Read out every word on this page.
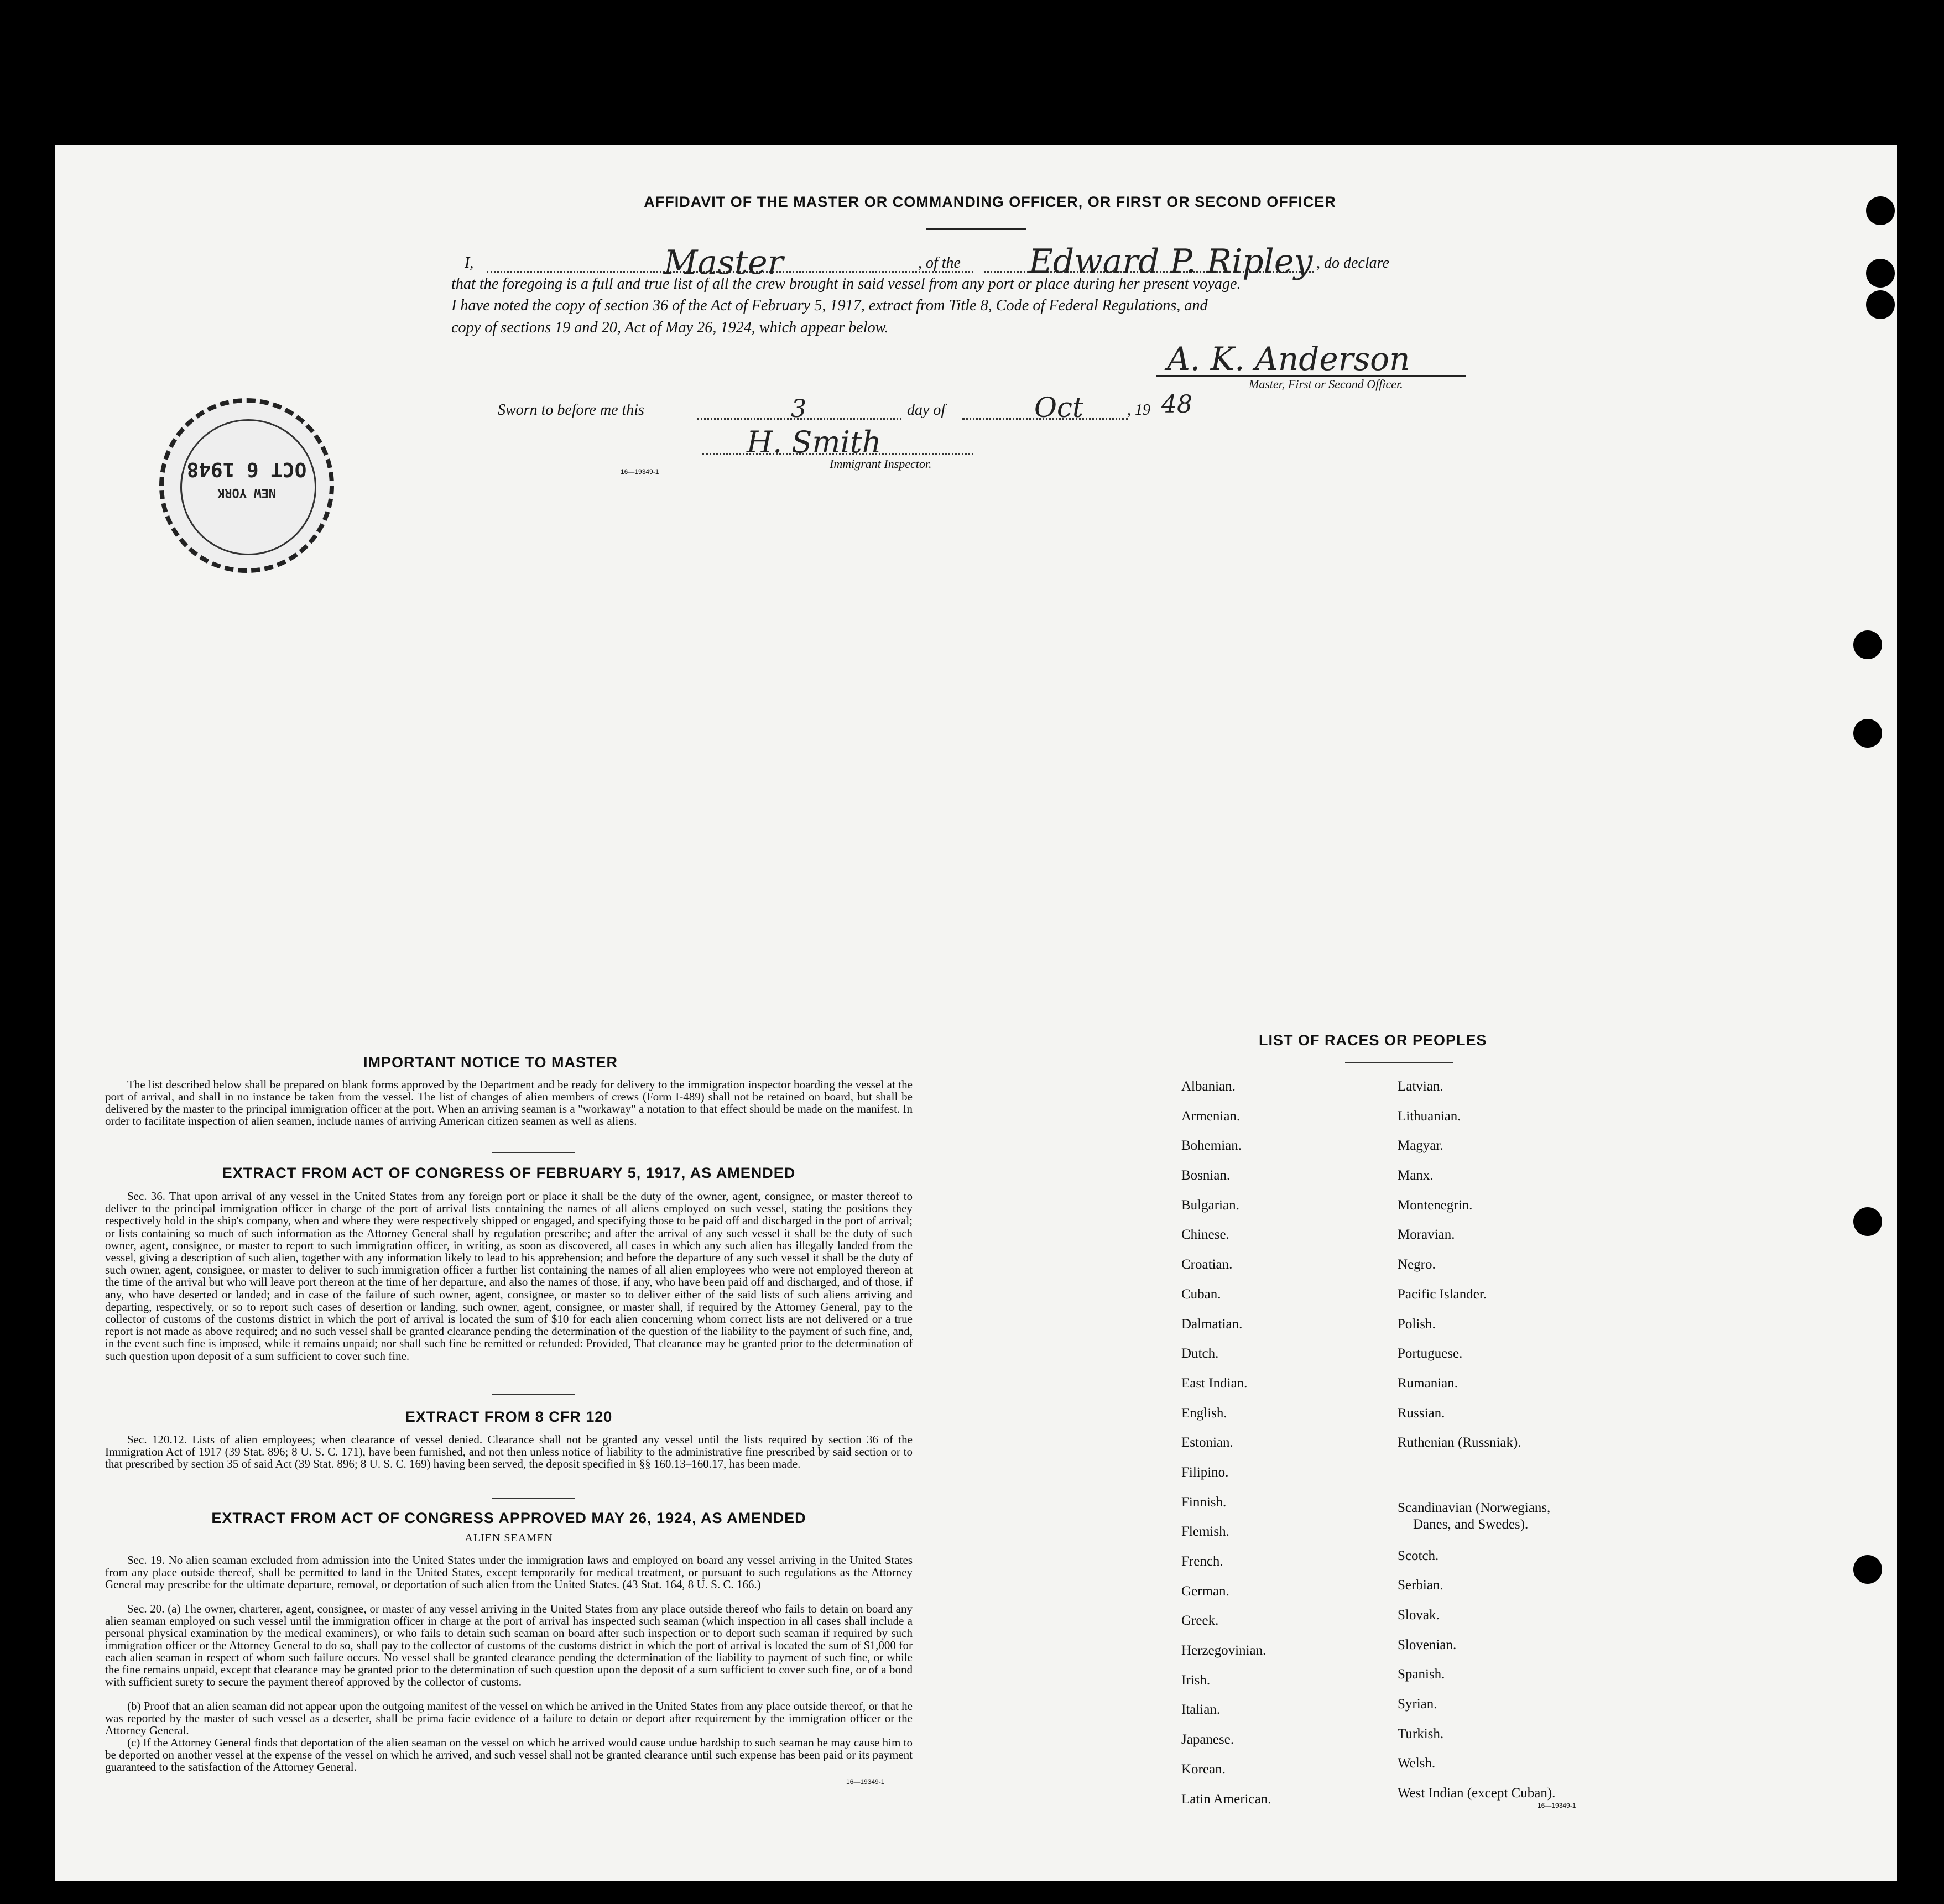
AFFIDAVIT OF THE MASTER OR COMMANDING OFFICER, OR FIRST OR SECOND OFFICER
I,	Master	, of the Edward P. Ripley , do declare
that the foregoing is a full and true list of all the crew brought in said vessel from any port or place during her present voyage.
I have noted the copy of section 36 of the Act of February 5, 1917, extract from Title 8, Code of Federal Regulations, and
copy of sections 19 and 20, Act of May 26, 1924, which appear below.
A. K. Anderson
Master, First or Second Officer.
Sworn to before me this	3	day of	Oct	, 19 48
H. Smith
Immigrant Inspector.
16—19349-1
NEW YORK
OCT 6 1948
IMPORTANT NOTICE TO MASTER
The list described below shall be prepared on blank forms approved by the Department and be ready for delivery to the immigration inspector boarding the vessel at the port of arrival, and shall in no instance be taken from the vessel. The list of changes of alien members of crews (Form I-489) shall not be retained on board, but shall be delivered by the master to the principal immigration officer at the port. When an arriving seaman is a "workaway" a notation to that effect should be made on the manifest. In order to facilitate inspection of alien seamen, include names of arriving American citizen seamen as well as aliens.
EXTRACT FROM ACT OF CONGRESS OF FEBRUARY 5, 1917, AS AMENDED
Sec. 36. That upon arrival of any vessel in the United States from any foreign port or place it shall be the duty of the owner, agent, consignee, or master thereof to deliver to the principal immigration officer in charge of the port of arrival lists containing the names of all aliens employed on such vessel, stating the positions they respectively hold in the ship's company, when and where they were respectively shipped or engaged, and specifying those to be paid off and discharged in the port of arrival; or lists containing so much of such information as the Attorney General shall by regulation prescribe; and after the arrival of any such vessel it shall be the duty of such owner, agent, consignee, or master to report to such immigration officer, in writing, as soon as discovered, all cases in which any such alien has illegally landed from the vessel, giving a description of such alien, together with any information likely to lead to his apprehension; and before the departure of any such vessel it shall be the duty of such owner, agent, consignee, or master to deliver to such immigration officer a further list containing the names of all alien employees who were not employed thereon at the time of the arrival but who will leave port thereon at the time of her departure, and also the names of those, if any, who have been paid off and discharged, and of those, if any, who have deserted or landed; and in case of the failure of such owner, agent, consignee, or master so to deliver either of the said lists of such aliens arriving and departing, respectively, or so to report such cases of desertion or landing, such owner, agent, consignee, or master shall, if required by the Attorney General, pay to the collector of customs of the customs district in which the port of arrival is located the sum of $10 for each alien concerning whom correct lists are not delivered or a true report is not made as above required; and no such vessel shall be granted clearance pending the determination of the question of the liability to the payment of such fine, and, in the event such fine is imposed, while it remains unpaid; nor shall such fine be remitted or refunded: Provided, That clearance may be granted prior to the determination of such question upon deposit of a sum sufficient to cover such fine.
EXTRACT FROM 8 CFR 120
Sec. 120.12. Lists of alien employees; when clearance of vessel denied. Clearance shall not be granted any vessel until the lists required by section 36 of the Immigration Act of 1917 (39 Stat. 896; 8 U. S. C. 171), have been furnished, and not then unless notice of liability to the administrative fine prescribed by said section or to that prescribed by section 35 of said Act (39 Stat. 896; 8 U. S. C. 169) having been served, the deposit specified in §§ 160.13–160.17, has been made.
EXTRACT FROM ACT OF CONGRESS APPROVED MAY 26, 1924, AS AMENDED
ALIEN SEAMEN
Sec. 19. No alien seaman excluded from admission into the United States under the immigration laws and employed on board any vessel arriving in the United States from any place outside thereof, shall be permitted to land in the United States, except temporarily for medical treatment, or pursuant to such regulations as the Attorney General may prescribe for the ultimate departure, removal, or deportation of such alien from the United States. (43 Stat. 164, 8 U. S. C. 166.)
Sec. 20. (a) The owner, charterer, agent, consignee, or master of any vessel arriving in the United States from any place outside thereof who fails to detain on board any alien seaman employed on such vessel until the immigration officer in charge at the port of arrival has inspected such seaman (which inspection in all cases shall include a personal physical examination by the medical examiners), or who fails to detain such seaman on board after such inspection or to deport such seaman if required by such immigration officer or the Attorney General to do so, shall pay to the collector of customs of the customs district in which the port of arrival is located the sum of $1,000 for each alien seaman in respect of whom such failure occurs. No vessel shall be granted clearance pending the determination of the liability to payment of such fine, or while the fine remains unpaid, except that clearance may be granted prior to the determination of such question upon the deposit of a sum sufficient to cover such fine, or of a bond with sufficient surety to secure the payment thereof approved by the collector of customs.
(b) Proof that an alien seaman did not appear upon the outgoing manifest of the vessel on which he arrived in the United States from any place outside thereof, or that he was reported by the master of such vessel as a deserter, shall be prima facie evidence of a failure to detain or deport after requirement by the immigration officer or the Attorney General.
(c) If the Attorney General finds that deportation of the alien seaman on the vessel on which he arrived would cause undue hardship to such seaman he may cause him to be deported on another vessel at the expense of the vessel on which he arrived, and such vessel shall not be granted clearance until such expense has been paid or its payment guaranteed to the satisfaction of the Attorney General.
16—19349-1
LIST OF RACES OR PEOPLES
Albanian.
Armenian.
Bohemian.
Bosnian.
Bulgarian.
Chinese.
Croatian.
Cuban.
Dalmatian.
Dutch.
East Indian.
English.
Estonian.
Filipino.
Finnish.
Flemish.
French.
German.
Greek.
Herzegovinian.
Irish.
Italian.
Japanese.
Korean.
Latin American.
Latvian.
Lithuanian.
Magyar.
Manx.
Montenegrin.
Moravian.
Negro.
Pacific Islander.
Polish.
Portuguese.
Rumanian.
Russian.
Ruthenian (Russniak).
Scandinavian (Norwegians,
Danes, and Swedes).
Scotch.
Serbian.
Slovak.
Slovenian.
Spanish.
Syrian.
Turkish.
Welsh.
West Indian (except Cuban).
16—19349-1
